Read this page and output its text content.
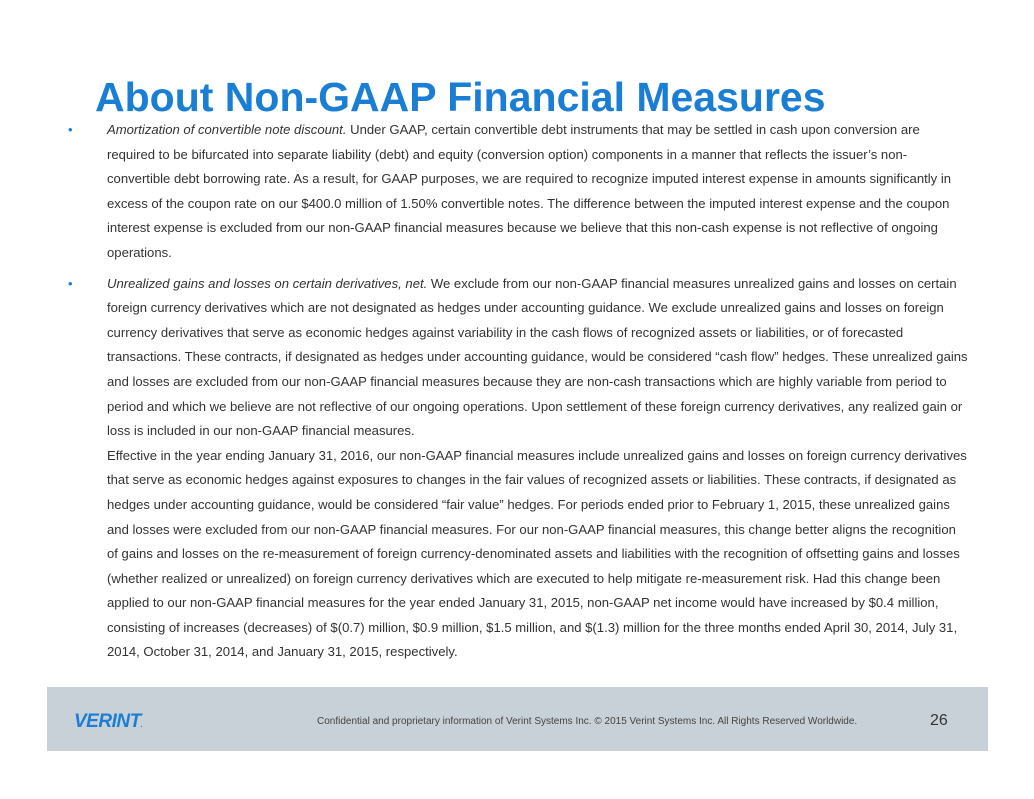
About Non-GAAP Financial Measures

•	Amortization of convertible note discount. Under GAAP, certain convertible debt instruments that may be settled in cash upon conversion are required to be bifurcated into separate liability (debt) and equity (conversion option) components in a manner that reflects the issuer’s non-convertible debt borrowing rate. As a result, for GAAP purposes, we are required to recognize imputed interest expense in amounts significantly in excess of the coupon rate on our $400.0 million of 1.50% convertible notes. The difference between the imputed interest expense and the coupon interest expense is excluded from our non-GAAP financial measures because we believe that this non-cash expense is not reflective of ongoing operations.

•	Unrealized gains and losses on certain derivatives, net. We exclude from our non-GAAP financial measures unrealized gains and losses on certain foreign currency derivatives which are not designated as hedges under accounting guidance. We exclude unrealized gains and losses on foreign currency derivatives that serve as economic hedges against variability in the cash flows of recognized assets or liabilities, or of forecasted transactions. These contracts, if designated as hedges under accounting guidance, would be considered “cash flow” hedges. These unrealized gains and losses are excluded from our non-GAAP financial measures because they are non-cash transactions which are highly variable from period to period and which we believe are not reflective of our ongoing operations. Upon settlement of these foreign currency derivatives, any realized gain or loss is included in our non-GAAP financial measures.
Effective in the year ending January 31, 2016, our non-GAAP financial measures include unrealized gains and losses on foreign currency derivatives that serve as economic hedges against exposures to changes in the fair values of recognized assets or liabilities. These contracts, if designated as hedges under accounting guidance, would be considered “fair value” hedges. For periods ended prior to February 1, 2015, these unrealized gains and losses were excluded from our non-GAAP financial measures. For our non-GAAP financial measures, this change better aligns the recognition of gains and losses on the re-measurement of foreign currency-denominated assets and liabilities with the recognition of offsetting gains and losses (whether realized or unrealized) on foreign currency derivatives which are executed to help mitigate re-measurement risk. Had this change been applied to our non-GAAP financial measures for the year ended January 31, 2015, non-GAAP net income would have increased by $0.4 million, consisting of increases (decreases) of $(0.7) million, $0.9 million, $1.5 million, and $(1.3) million for the three months ended April 30, 2014, July 31, 2014, October 31, 2014, and January 31, 2015, respectively.

VERINT.	Confidential and proprietary information of Verint Systems Inc. © 2015 Verint Systems Inc. All Rights Reserved Worldwide.	26
